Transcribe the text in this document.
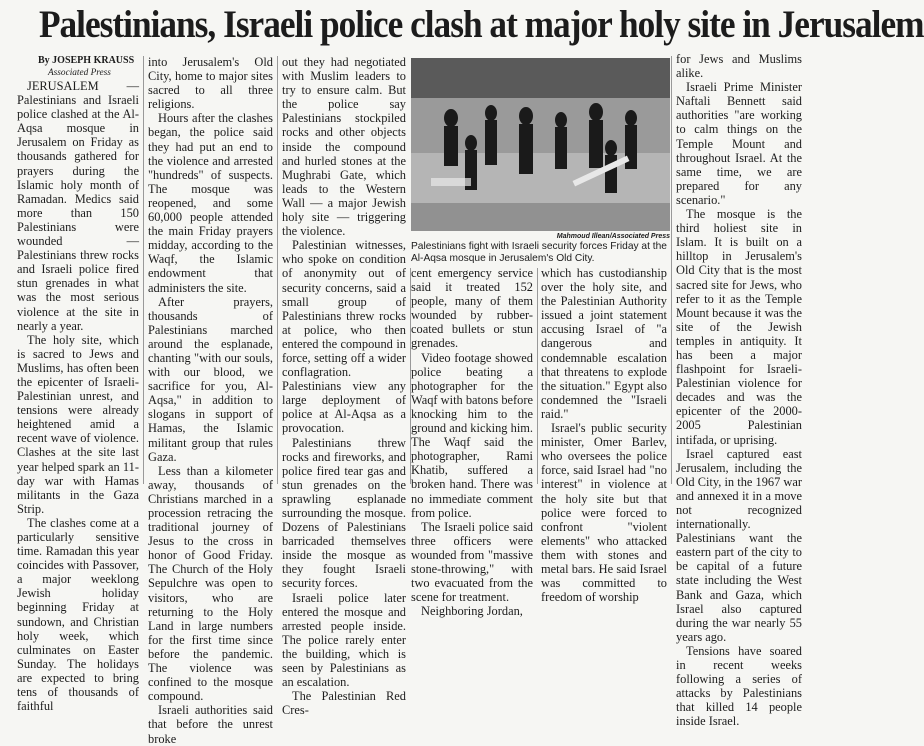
Palestinians, Israeli police clash at major holy site in Jerusalem

By JOSEPH KRAUSS

Associated Press

JERUSALEM — Palestinians and Israeli police clashed at the Al-Aqsa mosque in Jerusalem on Friday as thousands gathered for prayers during the Islamic holy month of Ramadan. Medics said more than 150 Palestinians were wounded — Palestinians threw rocks and Israeli police fired stun grenades in what was the most serious violence at the site in nearly a year.

The holy site, which is sacred to Jews and Muslims, has often been the epicenter of Israeli-Palestinian unrest, and tensions were already heightened amid a recent wave of violence. Clashes at the site last year helped spark an 11-day war with Hamas militants in the Gaza Strip.

The clashes come at a particularly sensitive time. Ramadan this year coincides with Passover, a major weeklong Jewish holiday beginning Friday at sundown, and Christian holy week, which culminates on Easter Sunday. The holidays are expected to bring tens of thousands of faithful

into Jerusalem's Old City, home to major sites sacred to all three religions.

Hours after the clashes began, the police said they had put an end to the violence and arrested "hundreds" of suspects. The mosque was reopened, and some 60,000 people attended the main Friday prayers midday, according to the Waqf, the Islamic endowment that administers the site.

After prayers, thousands of Palestinians marched around the esplanade, chanting "with our souls, with our blood, we sacrifice for you, Al-Aqsa," in addition to slogans in support of Hamas, the Islamic militant group that rules Gaza.

Less than a kilometer away, thousands of Christians marched in a procession retracing the traditional journey of Jesus to the cross in honor of Good Friday. The Church of the Holy Sepulchre was open to visitors, who are returning to the Holy Land in large numbers for the first time since before the pandemic. The violence was confined to the mosque compound.

Israeli authorities said that before the unrest broke

out they had negotiated with Muslim leaders to try to ensure calm. But the police say Palestinians stockpiled rocks and other objects inside the compound and hurled stones at the Mughrabi Gate, which leads to the Western Wall — a major Jewish holy site — triggering the violence.

Palestinian witnesses, who spoke on condition of anonymity out of security concerns, said a small group of Palestinians threw rocks at police, who then entered the compound in force, setting off a wider conflagration. Palestinians view any large deployment of police at Al-Aqsa as a provocation.

Palestinians threw rocks and fireworks, and police fired tear gas and stun grenades on the sprawling esplanade surrounding the mosque. Dozens of Palestinians barricaded themselves inside the mosque as they fought Israeli security forces.

Israeli police later entered the mosque and arrested people inside. The police rarely enter the building, which is seen by Palestinians as an escalation.

The Palestinian Red Cres-

Mahmoud Illean/Associated Press
Palestinians fight with Israeli security forces Friday at the Al-Aqsa mosque in Jerusalem's Old City.

cent emergency service said it treated 152 people, many of them wounded by rubber-coated bullets or stun grenades.

Video footage showed police beating a photographer for the Waqf with batons before knocking him to the ground and kicking him. The Waqf said the photographer, Rami Khatib, suffered a broken hand. There was no immediate comment from police.

The Israeli police said three officers were wounded from "massive stone-throwing," with two evacuated from the scene for treatment.

Neighboring Jordan,

which has custodianship over the holy site, and the Palestinian Authority issued a joint statement accusing Israel of "a dangerous and condemnable escalation that threatens to explode the situation." Egypt also condemned the "Israeli raid."

Israel's public security minister, Omer Barlev, who oversees the police force, said Israel had "no interest" in violence at the holy site but that police were forced to confront "violent elements" who attacked them with stones and metal bars. He said Israel was committed to freedom of worship

for Jews and Muslims alike.

Israeli Prime Minister Naftali Bennett said authorities "are working to calm things on the Temple Mount and throughout Israel. At the same time, we are prepared for any scenario."

The mosque is the third holiest site in Islam. It is built on a hilltop in Jerusalem's Old City that is the most sacred site for Jews, who refer to it as the Temple Mount because it was the site of the Jewish temples in antiquity. It has been a major flashpoint for Israeli-Palestinian violence for decades and was the epicenter of the 2000-2005 Palestinian intifada, or uprising.

Israel captured east Jerusalem, including the Old City, in the 1967 war and annexed it in a move not recognized internationally. Palestinians want the eastern part of the city to be capital of a future state including the West Bank and Gaza, which Israel also captured during the war nearly 55 years ago.

Tensions have soared in recent weeks following a series of attacks by Palestinians that killed 14 people inside Israel.
